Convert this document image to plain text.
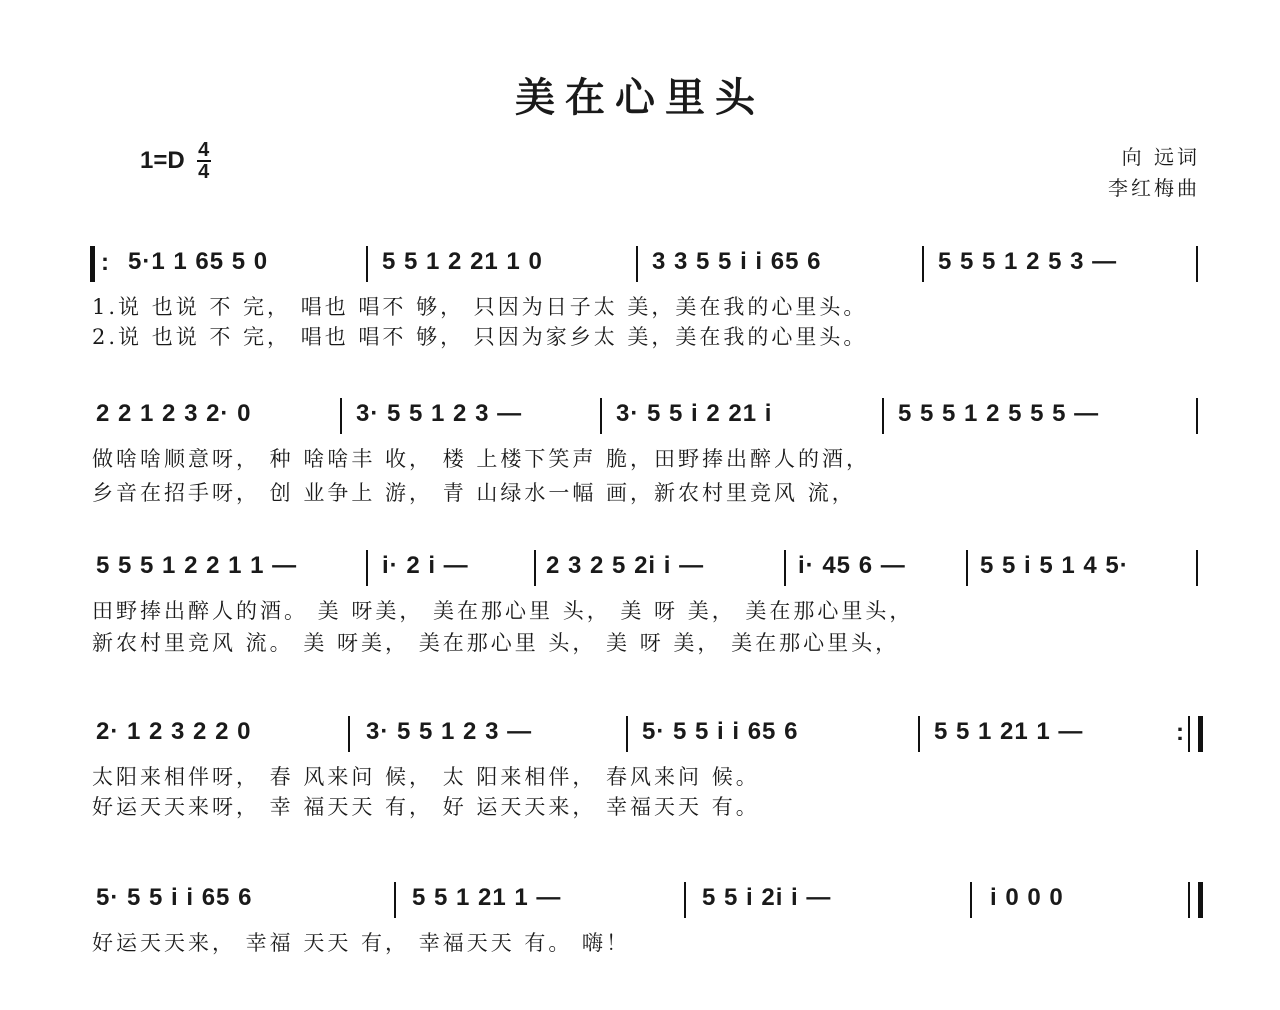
美在心里头
1=D 4
4
向 远词
李红梅曲
:
5·1 1 65 5 0	5 5 1 2 21 1 0	3 3 5 5 i i 65 6	5 5 5 1 2 5 3 —
1.说 也说 不 完， 唱也 唱不 够， 只因为日子太 美，美在我的心里头。
2.说 也说 不 完， 唱也 唱不 够， 只因为家乡太 美，美在我的心里头。
2 2 1 2 3 2· 0	3· 5 5 1 2 3 —	3· 5 5 i 2 21 i	5 5 5 1 2 5 5 5 —
做啥啥顺意呀， 种 啥啥丰 收， 楼 上楼下笑声 脆，田野捧出醉人的酒，
乡音在招手呀， 创 业争上 游， 青 山绿水一幅 画，新农村里竞风 流，
5 5 5 1 2 2 1 1 —	i· 2 i —	2 3 2 5 2i i —	i· 45 6 —	5 5 i 5 1 4 5·
田野捧出醉人的酒。 美 呀美， 美在那心里 头， 美 呀 美， 美在那心里头，
新农村里竞风 流。 美 呀美， 美在那心里 头， 美 呀 美， 美在那心里头，
2· 1 2 3 2 2 0	3· 5 5 1 2 3 —	5· 5 5 i i 65 6	5 5 1 21 1 —
:
太阳来相伴呀， 春 风来问 候， 太 阳来相伴， 春风来问 候。
好运天天来呀， 幸 福天天 有， 好 运天天来， 幸福天天 有。
5· 5 5 i i 65 6	5 5 1 21 1 —	5 5 i 2i i —	i 0 0 0
好运天天来， 幸福 天天 有， 幸福天天 有。 嗨！
